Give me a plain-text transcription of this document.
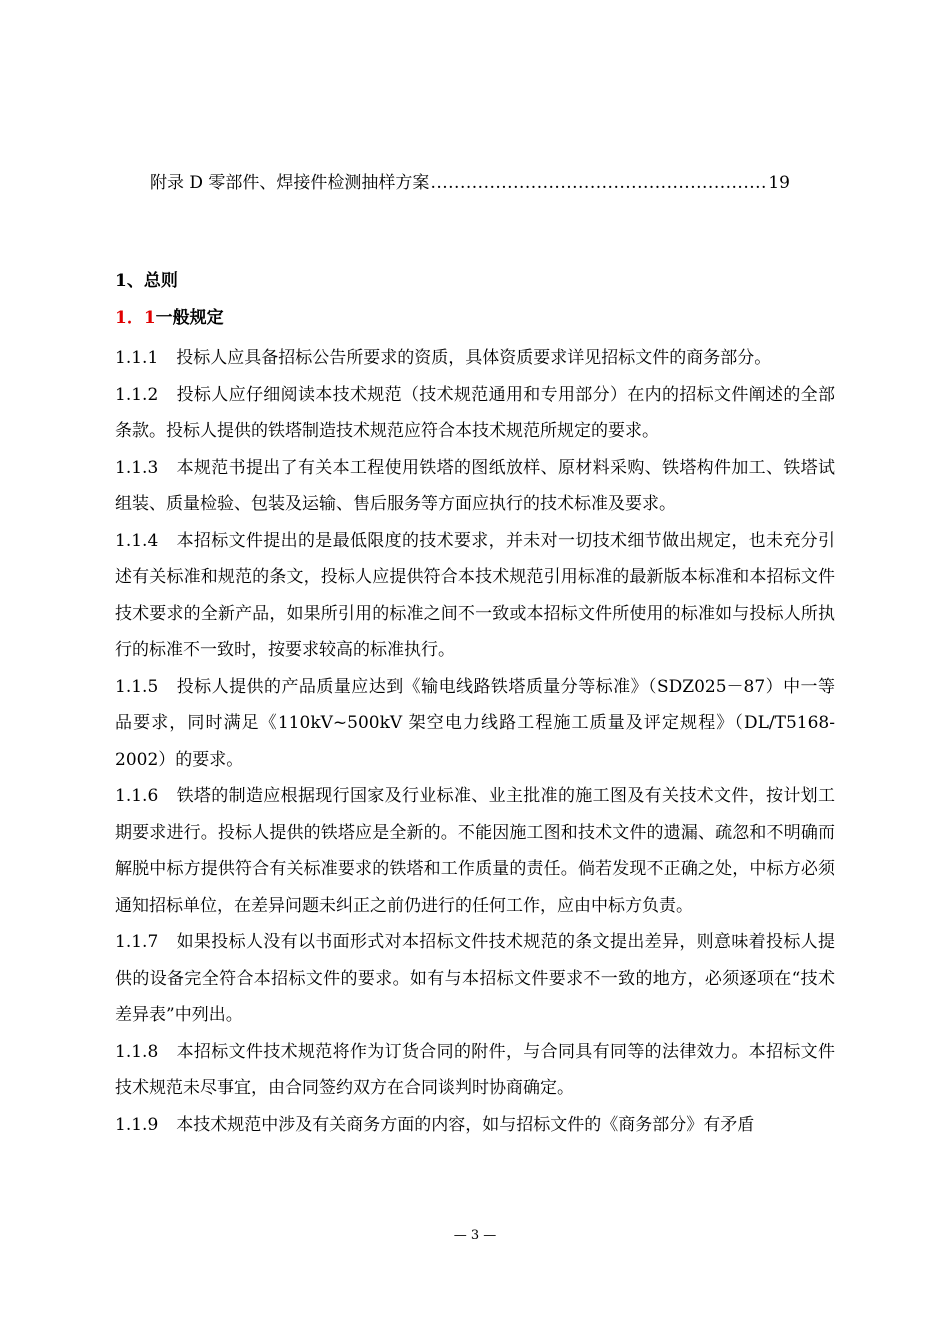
附录 D 零部件、焊接件检测抽样方案
.....	19
1、总则
1．1一般规定

1.1.1 投标人应具备招标公告所要求的资质，具体资质要求详见招标文件的商务部分。

1.1.2 投标人应仔细阅读本技术规范（技术规范通用和专用部分）在内的招标文件阐述的全部条款。投标人提供的铁塔制造技术规范应符合本技术规范所规定的要求。

1.1.3 本规范书提出了有关本工程使用铁塔的图纸放样、原材料采购、铁塔构件加工、铁塔试组装、质量检验、包装及运输、售后服务等方面应执行的技术标准及要求。

1.1.4 本招标文件提出的是最低限度的技术要求，并未对一切技术细节做出规定，也未充分引述有关标准和规范的条文，投标人应提供符合本技术规范引用标准的最新版本标准和本招标文件技术要求的全新产品，如果所引用的标准之间不一致或本招标文件所使用的标准如与投标人所执行的标准不一致时，按要求较高的标准执行。

1.1.5 投标人提供的产品质量应达到《输电线路铁塔质量分等标准》（SDZ025－87）中一等品要求，同时满足《110kV~500kV 架空电力线路工程施工质量及评定规程》（DL/T5168-2002）的要求。

1.1.6 铁塔的制造应根据现行国家及行业标准、业主批准的施工图及有关技术文件，按计划工期要求进行。投标人提供的铁塔应是全新的。不能因施工图和技术文件的遗漏、疏忽和不明确而解脱中标方提供符合有关标准要求的铁塔和工作质量的责任。倘若发现不正确之处，中标方必须通知招标单位，在差异问题未纠正之前仍进行的任何工作，应由中标方负责。

1.1.7 如果投标人没有以书面形式对本招标文件技术规范的条文提出差异，则意味着投标人提供的设备完全符合本招标文件的要求。如有与本招标文件要求不一致的地方，必须逐项在“技术差异表”中列出。

1.1.8 本招标文件技术规范将作为订货合同的附件，与合同具有同等的法律效力。本招标文件技术规范未尽事宜，由合同签约双方在合同谈判时协商确定。

1.1.9 本技术规范中涉及有关商务方面的内容，如与招标文件的《商务部分》有矛盾

— 3 —
